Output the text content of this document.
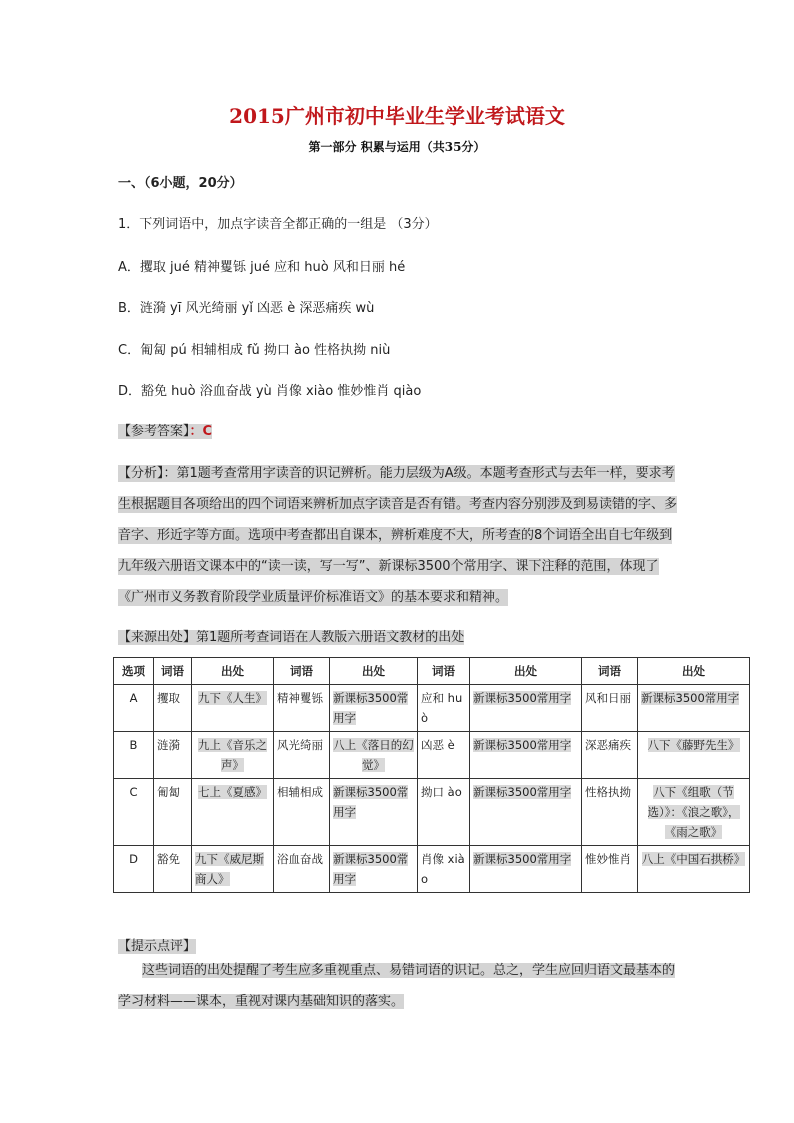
2015广州市初中毕业生学业考试语文
第一部分 积累与运用（共35分）
一、（6小题，20分）
1．下列词语中，加点字读音全都正确的一组是 （3分）
A．攫取 jué 精神矍铄 jué 应和 huò 风和日丽 hé
B．涟漪 yī 风光绮丽 yǐ 凶恶 è 深恶痛疾 wù
C．匍匐 pú 相辅相成 fǔ 拗口 ào 性格执拗 niù
D．豁免 huò 浴血奋战 yù 肖像 xiào 惟妙惟肖 qiào
【参考答案】：C
【分析】：第1题考查常用字读音的识记辨析。能力层级为A级。本题考查形式与去年一样，要求考生根据题目各项给出的四个词语来辨析加点字读音是否有错。考查内容分别涉及到易读错的字、多音字、形近字等方面。选项中考查都出自课本，辨析难度不大，所考查的8个词语全出自七年级到九年级六册语文课本中的“读一读，写一写”、新课标3500个常用字、课下注释的范围，体现了《广州市义务教育阶段学业质量评价标准语文》的基本要求和精神。
【来源出处】第1题所考查词语在人教版六册语文教材的出处
选项	词语	出处	词语	出处	词语	出处	词语	出处
A	攫取	九下《人生》	精神矍铄	新课标3500常用字	应和 huò	新课标3500常用字	风和日丽	新课标3500常用字
B	涟漪	九上《音乐之声》	风光绮丽	八上《落日的幻觉》	凶恶 è	新课标3500常用字	深恶痛疾	八下《藤野先生》
C	匍匐	七上《夏感》	相辅相成	新课标3500常用字	拗口 ào	新课标3500常用字	性格执拗	八下《组歌（节选）》：《浪之歌》，《雨之歌》
D	豁免	九下《威尼斯商人》	浴血奋战	新课标3500常用字	肖像 xiào	新课标3500常用字	惟妙惟肖	八上《中国石拱桥》
【提示点评】
这些词语的出处提醒了考生应多重视重点、易错词语的识记。总之，学生应回归语文最基本的学习材料——课本，重视对课内基础知识的落实。
